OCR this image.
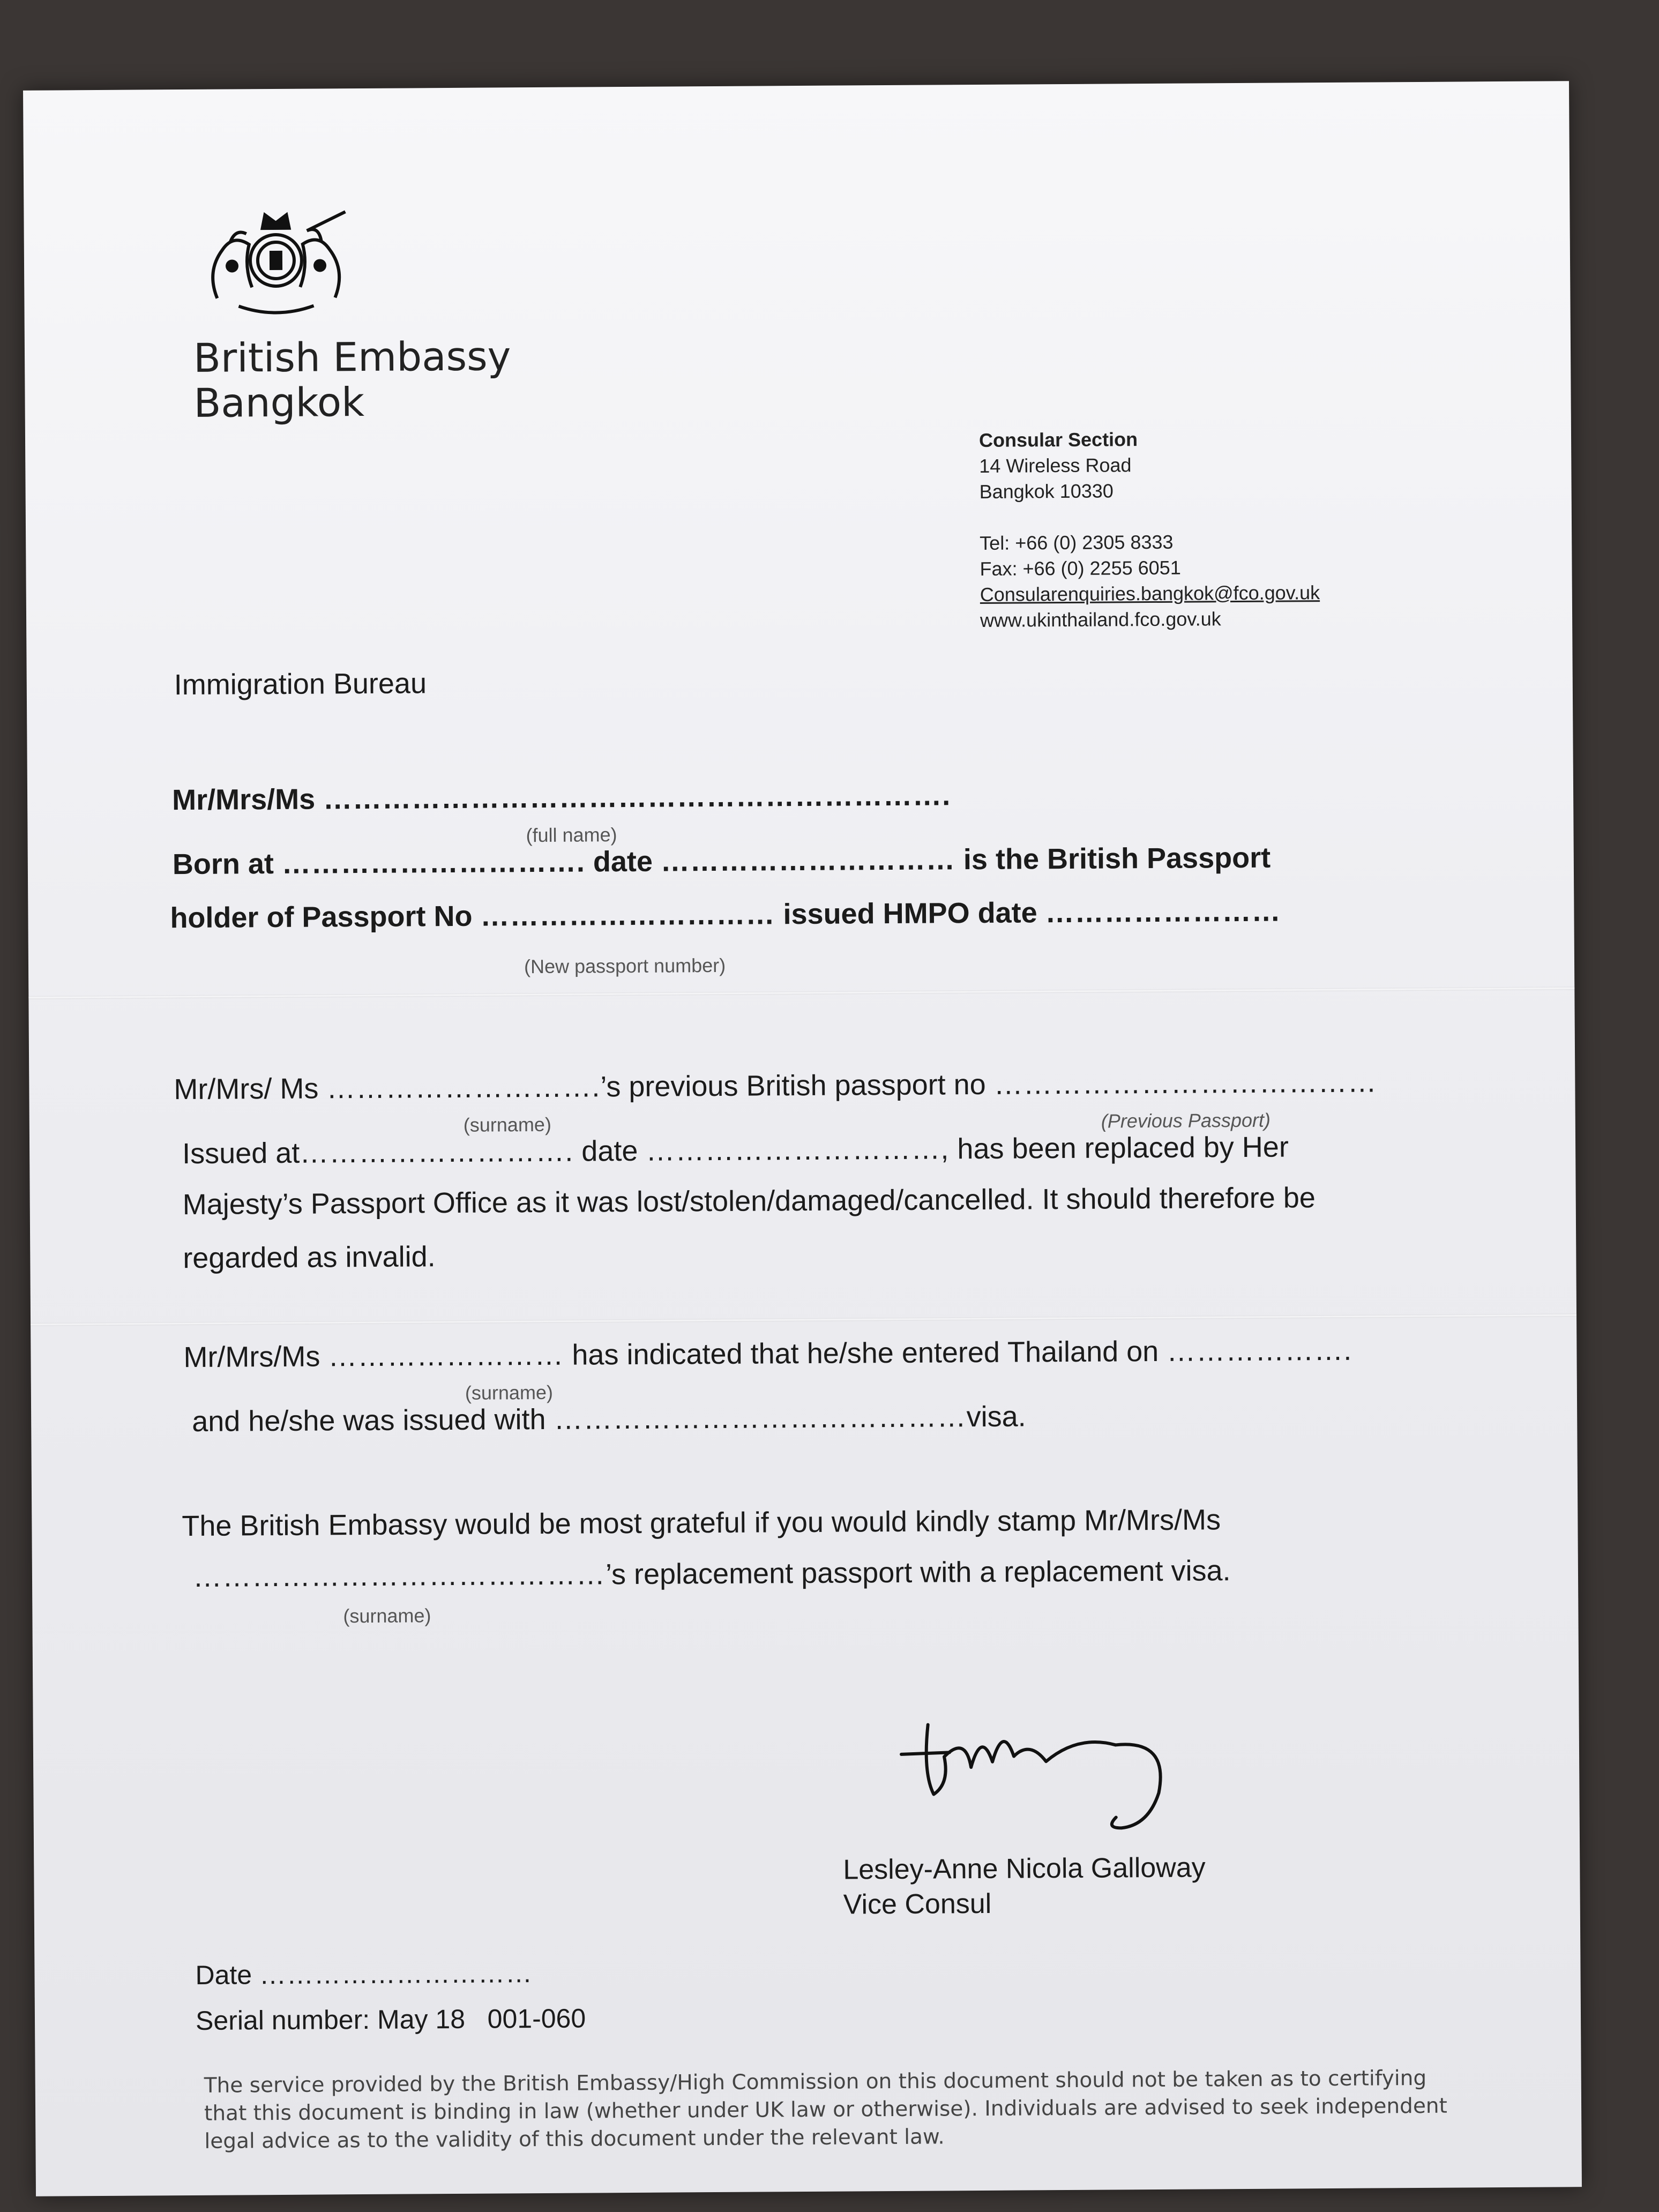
British Embassy
Bangkok
Consular Section
14 Wireless Road
Bangkok 10330
Tel: +66 (0) 2305 8333
Fax: +66 (0) 2255 6051
Consularenquiries.bangkok@fco.gov.uk
www.ukinthailand.fco.gov.uk
Immigration Bureau
Mr/Mrs/Ms ……………………………………………………….
(full name)
Born at …………………………. date ………………………… is the British Passport
holder of Passport No ………………………… issued HMPO date ……………………
(New passport number)
Mr/Mrs/ Ms ……………………….’s previous British passport no …………………………………
(surname)	(Previous Passport)
Issued at………………………. date …………………………, has been replaced by Her
Majesty’s Passport Office as it was lost/stolen/damaged/cancelled. It should therefore be
regarded as invalid.
Mr/Mrs/Ms …………………… has indicated that he/she entered Thailand on ……………….
(surname)
and he/she was issued with ……………………………………visa.
The British Embassy would be most grateful if you would kindly stamp Mr/Mrs/Ms
……………………………………’s replacement passport with a replacement visa.
(surname)
Lesley-Anne Nicola Galloway
Vice Consul
Date …………………………
Serial number: May 18   001-060
The service provided by the British Embassy/High Commission on this document should not be taken as to certifying that this document is binding in law (whether under UK law or otherwise). Individuals are advised to seek independent legal advice as to the validity of this document under the relevant law.
